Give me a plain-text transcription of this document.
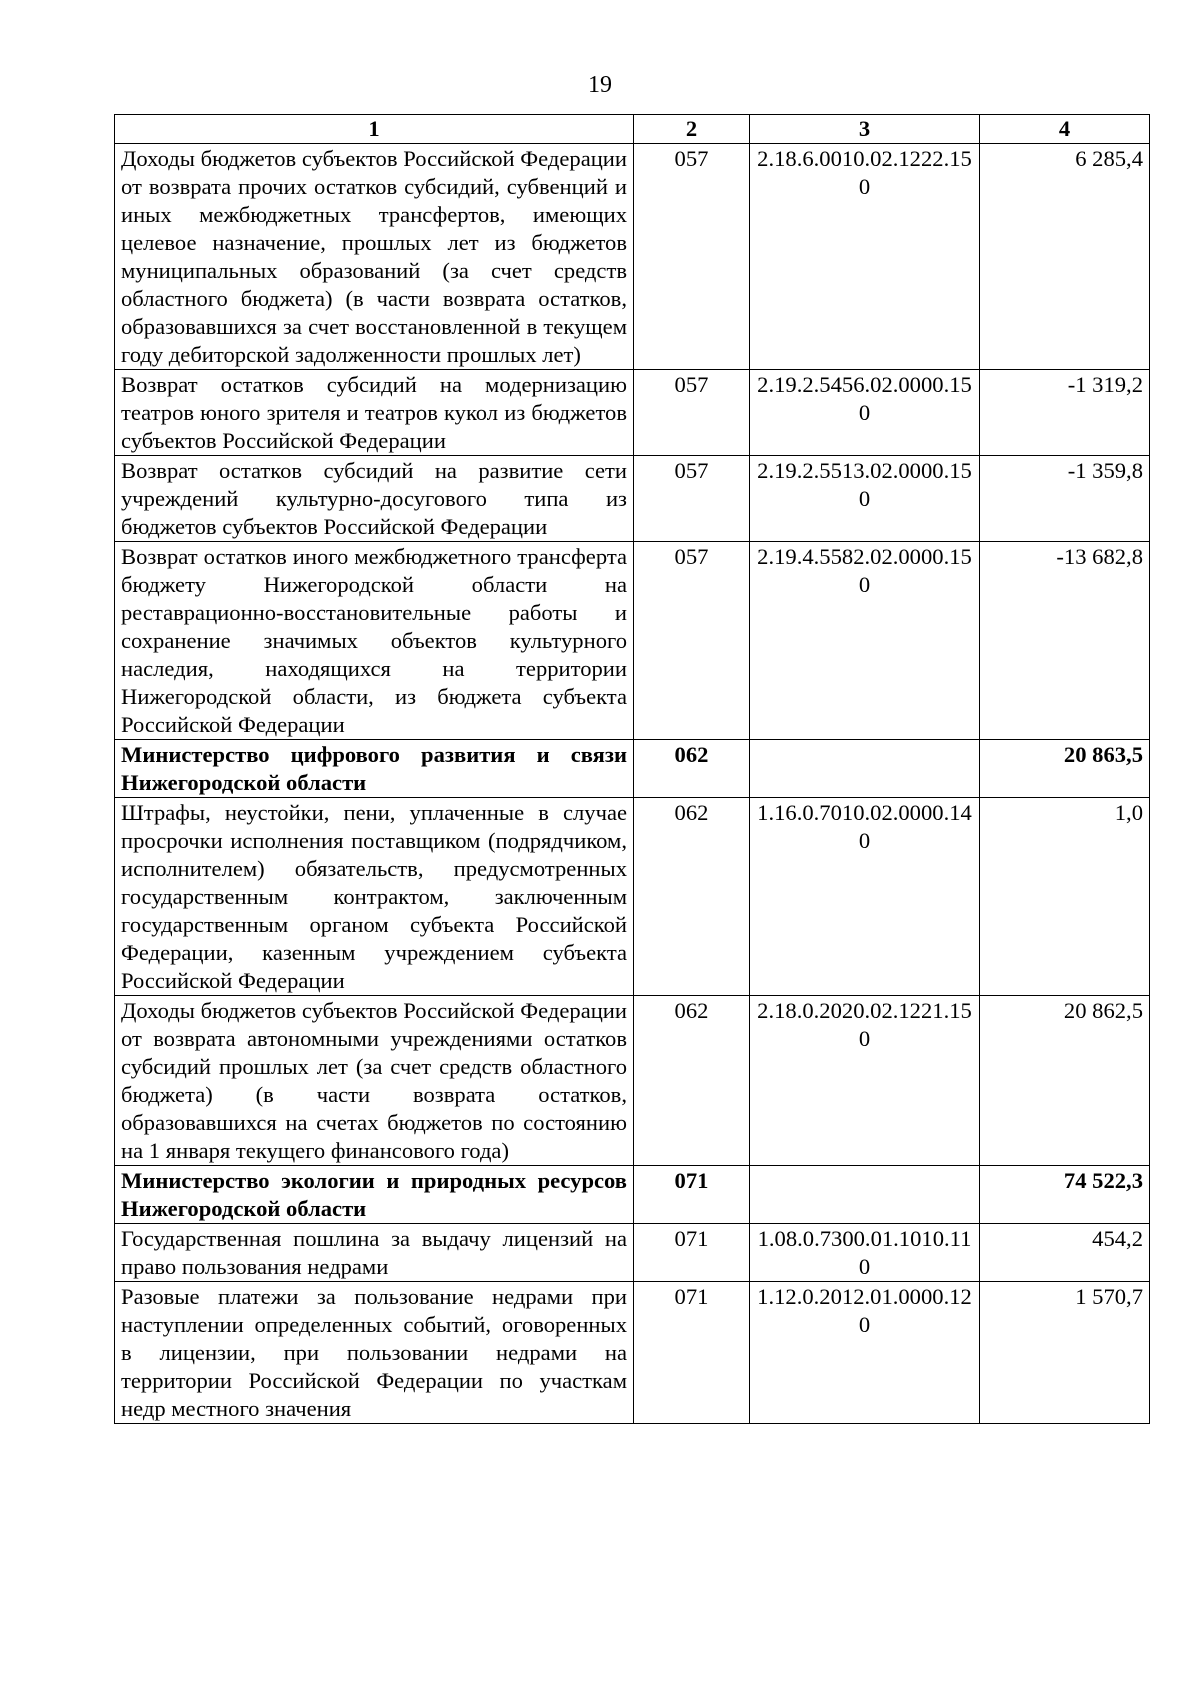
19
1	2	3	4
Доходы бюджетов субъектов Российской Федерации от возврата прочих остатков субсидий, субвенций и иных межбюджетных трансфертов, имеющих целевое назначение, прошлых лет из бюджетов муниципальных образований (за счет средств областного бюджета) (в части возврата остатков, образовавшихся за счет восстановленной в текущем году дебиторской задолженности прошлых лет)	057	2.18.6.0010.02.1222.150	6 285,4
Возврат остатков субсидий на модернизацию театров юного зрителя и театров кукол из бюджетов субъектов Российской Федерации	057	2.19.2.5456.02.0000.150	-1 319,2
Возврат остатков субсидий на развитие сети учреждений культурно-досугового типа из бюджетов субъектов Российской Федерации	057	2.19.2.5513.02.0000.150	-1 359,8
Возврат остатков иного межбюджетного трансферта бюджету Нижегородской области на реставрационно-восстановительные работы и сохранение значимых объектов культурного наследия, находящихся на территории Нижегородской области, из бюджета субъекта Российской Федерации	057	2.19.4.5582.02.0000.150	-13 682,8
Министерство цифрового развития и связи Нижегородской области	062		20 863,5
Штрафы, неустойки, пени, уплаченные в случае просрочки исполнения поставщиком (подрядчиком, исполнителем) обязательств, предусмотренных государственным контрактом, заключенным государственным органом субъекта Российской Федерации, казенным учреждением субъекта Российской Федерации	062	1.16.0.7010.02.0000.140	1,0
Доходы бюджетов субъектов Российской Федерации от возврата автономными учреждениями остатков субсидий прошлых лет (за счет средств областного бюджета) (в части возврата остатков, образовавшихся на счетах бюджетов по состоянию на 1 января текущего финансового года)	062	2.18.0.2020.02.1221.150	20 862,5
Министерство экологии и природных ресурсов Нижегородской области	071		74 522,3
Государственная пошлина за выдачу лицензий на право пользования недрами	071	1.08.0.7300.01.1010.110	454,2
Разовые платежи за пользование недрами при наступлении определенных событий, оговоренных в лицензии, при пользовании недрами на территории Российской Федерации по участкам недр местного значения	071	1.12.0.2012.01.0000.120	1 570,7
